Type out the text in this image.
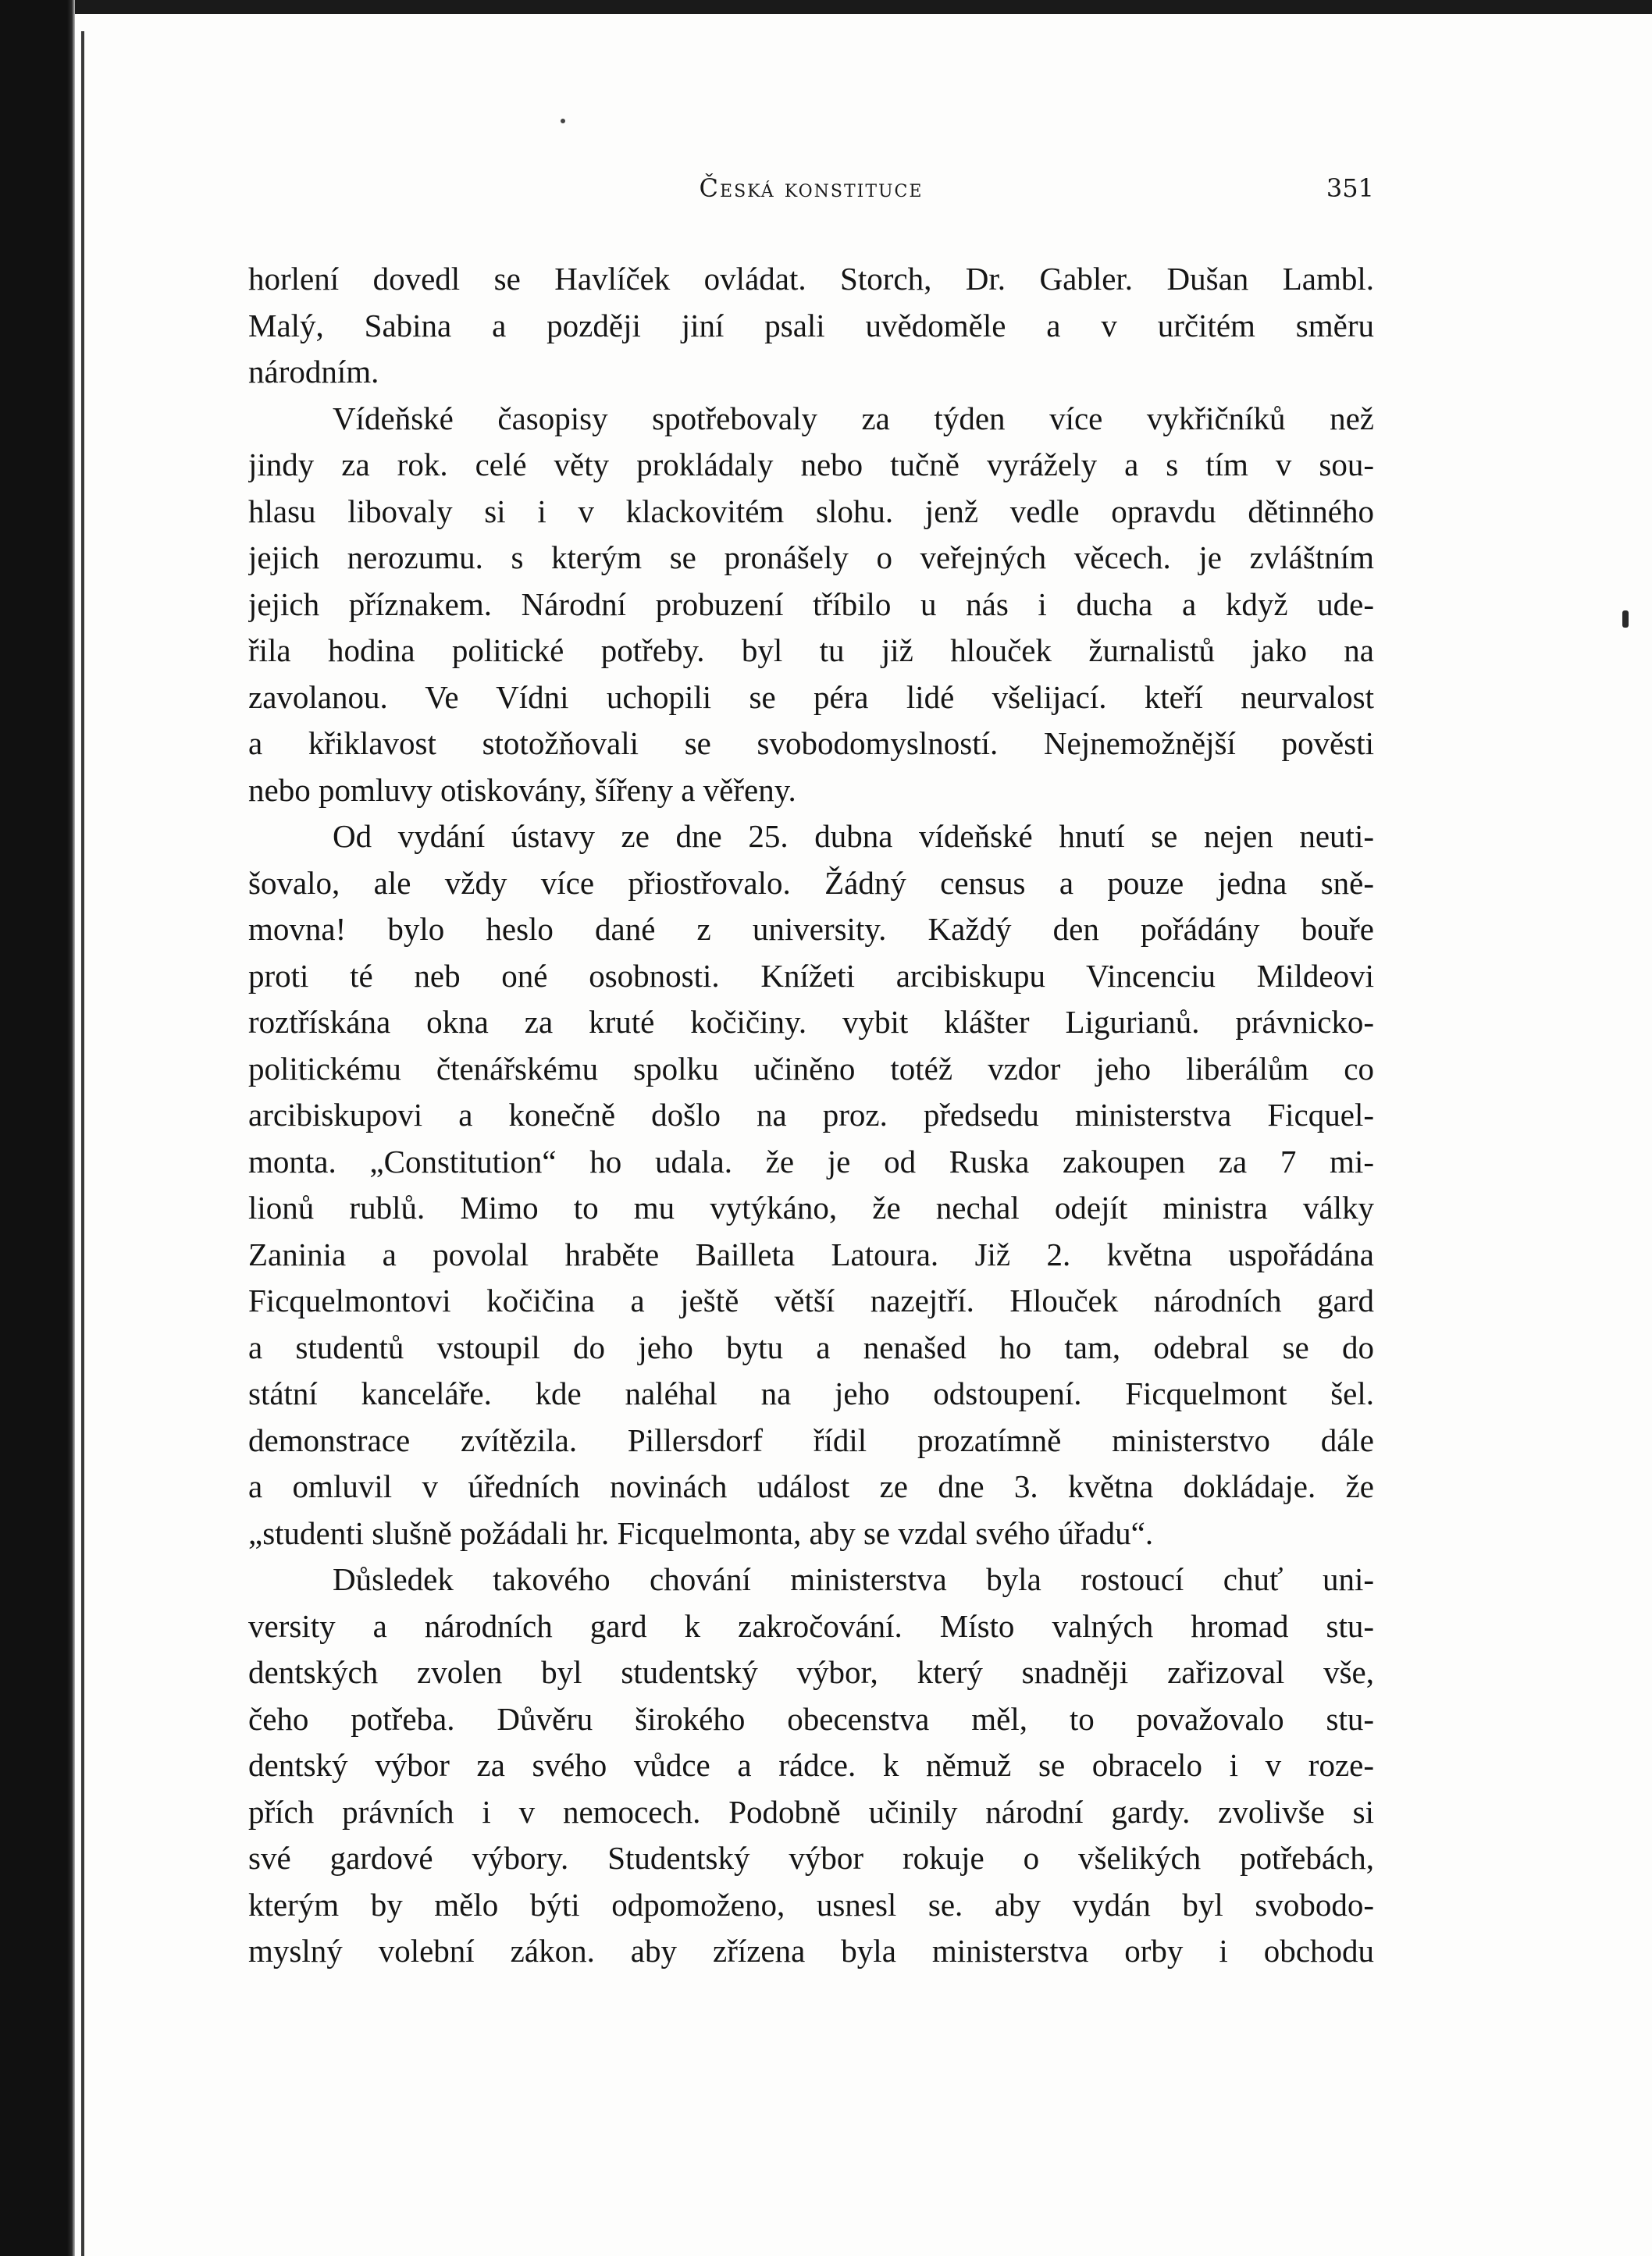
Česká konstituce	351
horlení dovedl se Havlíček ovládat. Storch, Dr. Gabler. Dušan Lambl.
Malý, Sabina a později jiní psali uvědoměle a v určitém směru
národním.
Vídeňské časopisy spotřebovaly za týden více vykřičníků než
jindy za rok. celé věty prokládaly nebo tučně vyrážely a s tím v sou-
hlasu libovaly si i v klackovitém slohu. jenž vedle opravdu dětinného
jejich nerozumu. s kterým se pronášely o veřejných věcech. je zvláštním
jejich příznakem. Národní probuzení tříbilo u nás i ducha a když ude-
řila hodina politické potřeby. byl tu již hlouček žurnalistů jako na
zavolanou. Ve Vídni uchopili se péra lidé všelijací. kteří neurvalost
a křiklavost stotožňovali se svobodomyslností. Nejnemožnější pověsti
nebo pomluvy otiskovány, šířeny a věřeny.
Od vydání ústavy ze dne 25. dubna vídeňské hnutí se nejen neuti-
šovalo, ale vždy více přiostřovalo. Žádný census a pouze jedna sně-
movna! bylo heslo dané z university. Každý den pořádány bouře
proti té neb oné osobnosti. Knížeti arcibiskupu Vincenciu Mildeovi
roztřískána okna za kruté kočičiny. vybit klášter Ligurianů. právnicko-
politickému čtenářskému spolku učiněno totéž vzdor jeho liberálům co
arcibiskupovi a konečně došlo na proz. předsedu ministerstva Ficquel-
monta. „Constitution“ ho udala. že je od Ruska zakoupen za 7 mi-
lionů rublů. Mimo to mu vytýkáno, že nechal odejít ministra války
Zaninia a povolal hraběte Bailleta Latoura. Již 2. května uspořádána
Ficquelmontovi kočičina a ještě větší nazejtří. Hlouček národních gard
a studentů vstoupil do jeho bytu a nenašed ho tam, odebral se do
státní kanceláře. kde naléhal na jeho odstoupení. Ficquelmont šel.
demonstrace zvítězila. Pillersdorf řídil prozatímně ministerstvo dále
a omluvil v úředních novinách událost ze dne 3. května dokládaje. že
„studenti slušně požádali hr. Ficquelmonta, aby se vzdal svého úřadu“.
Důsledek takového chování ministerstva byla rostoucí chuť uni-
versity a národních gard k zakročování. Místo valných hromad stu-
dentských zvolen byl studentský výbor, který snadněji zařizoval vše,
čeho potřeba. Důvěru širokého obecenstva měl, to považovalo stu-
dentský výbor za svého vůdce a rádce. k němuž se obracelo i v roze-
přích právních i v nemocech. Podobně učinily národní gardy. zvolivše si
své gardové výbory. Studentský výbor rokuje o všelikých potřebách,
kterým by mělo býti odpomoženo, usnesl se. aby vydán byl svobodo-
myslný volební zákon. aby zřízena byla ministerstva orby i obchodu
